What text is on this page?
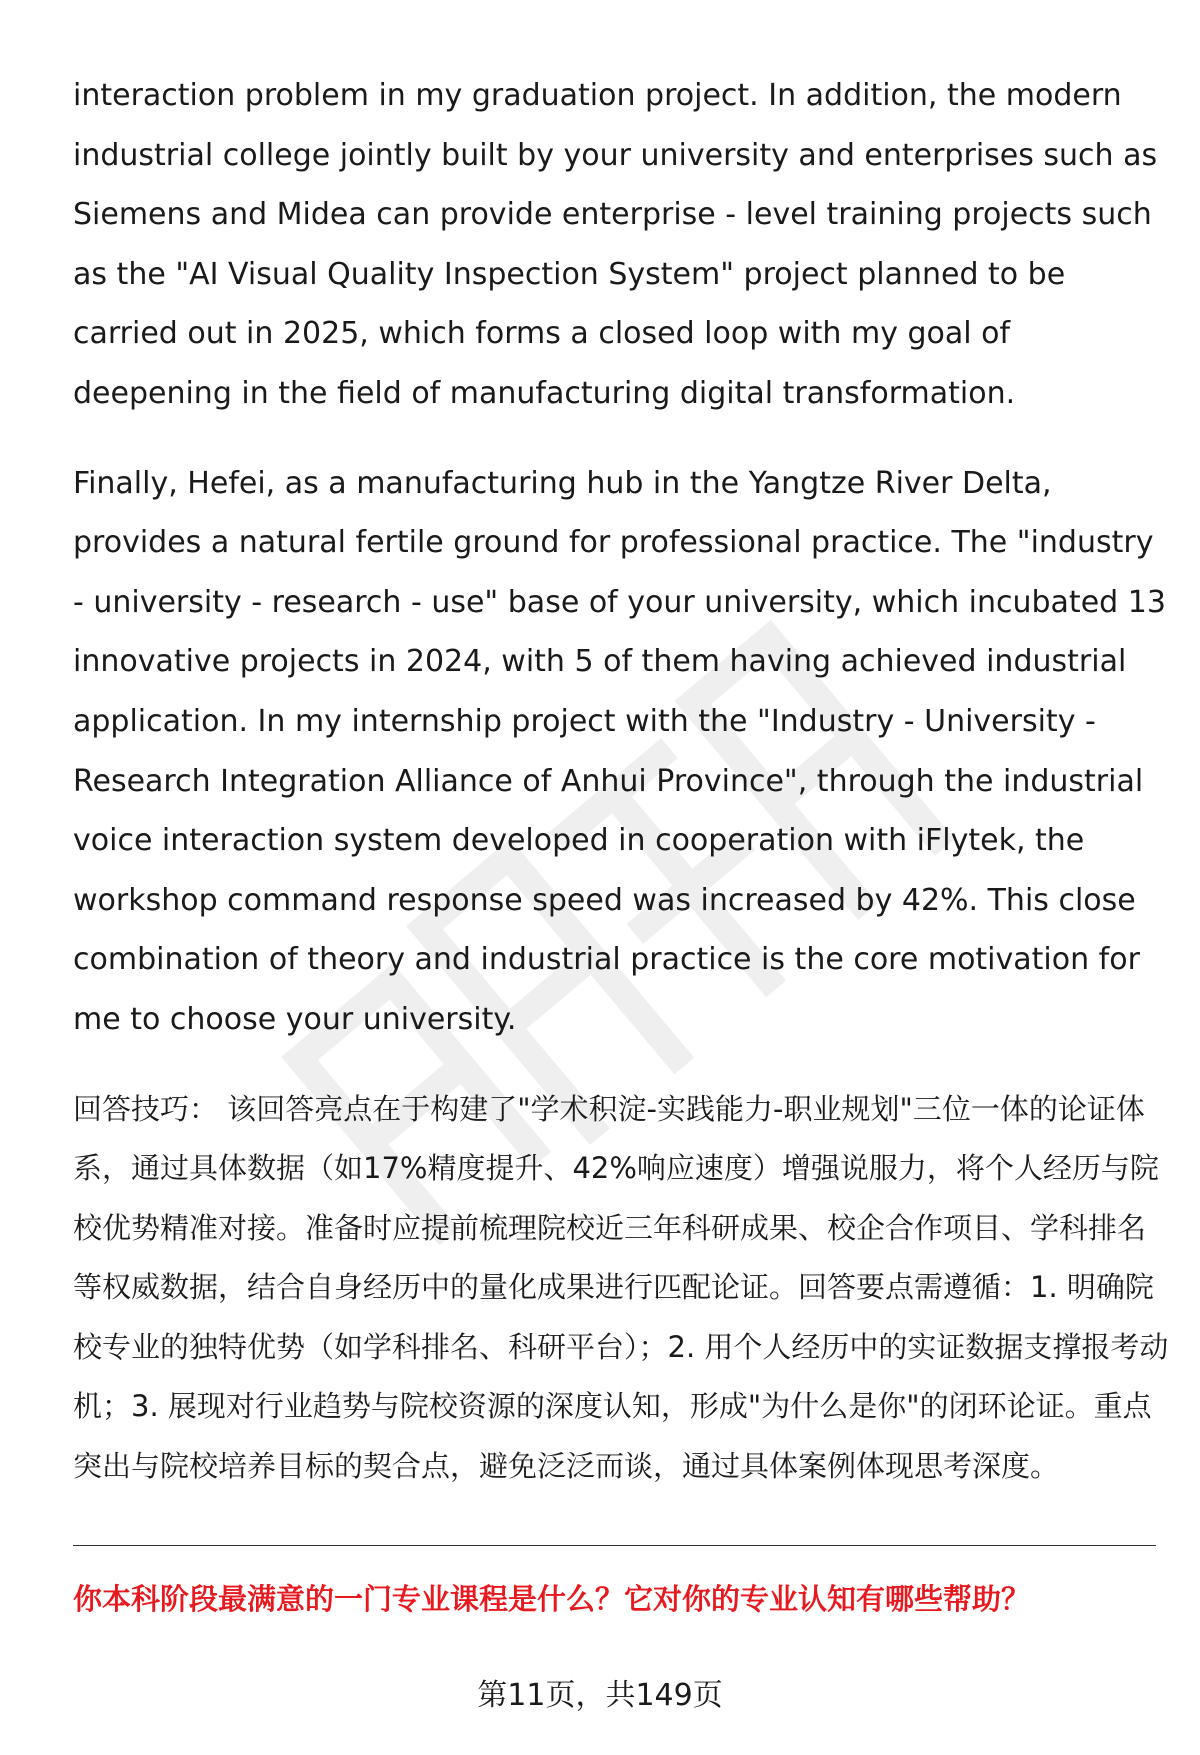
interaction problem in my graduation project. In addition, the modern industrial college jointly built by your university and enterprises such as Siemens and Midea can provide enterprise - level training projects such as the "AI Visual Quality Inspection System" project planned to be carried out in 2025, which forms a closed loop with my goal of deepening in the field of manufacturing digital transformation.

Finally, Hefei, as a manufacturing hub in the Yangtze River Delta, provides a natural fertile ground for professional practice. The "industry - university - research - use" base of your university, which incubated 13 innovative projects in 2024, with 5 of them having achieved industrial application. In my internship project with the "Industry - University - Research Integration Alliance of Anhui Province", through the industrial voice interaction system developed in cooperation with iFlytek, the workshop command response speed was increased by 42%. This close combination of theory and industrial practice is the core motivation for me to choose your university.

回答技巧： 该回答亮点在于构建了"学术积淀-实践能力-职业规划"三位一体的论证体系，通过具体数据（如17%精度提升、42%响应速度）增强说服力，将个人经历与院校优势精准对接。准备时应提前梳理院校近三年科研成果、校企合作项目、学科排名等权威数据，结合自身经历中的量化成果进行匹配论证。回答要点需遵循：1. 明确院校专业的独特优势（如学科排名、科研平台）；2. 用个人经历中的实证数据支撑报考动机；3. 展现对行业趋势与院校资源的深度认知，形成"为什么是你"的闭环论证。重点突出与院校培养目标的契合点，避免泛泛而谈，通过具体案例体现思考深度。

你本科阶段最满意的一门专业课程是什么？它对你的专业认知有哪些帮助？
第11页，共149页
